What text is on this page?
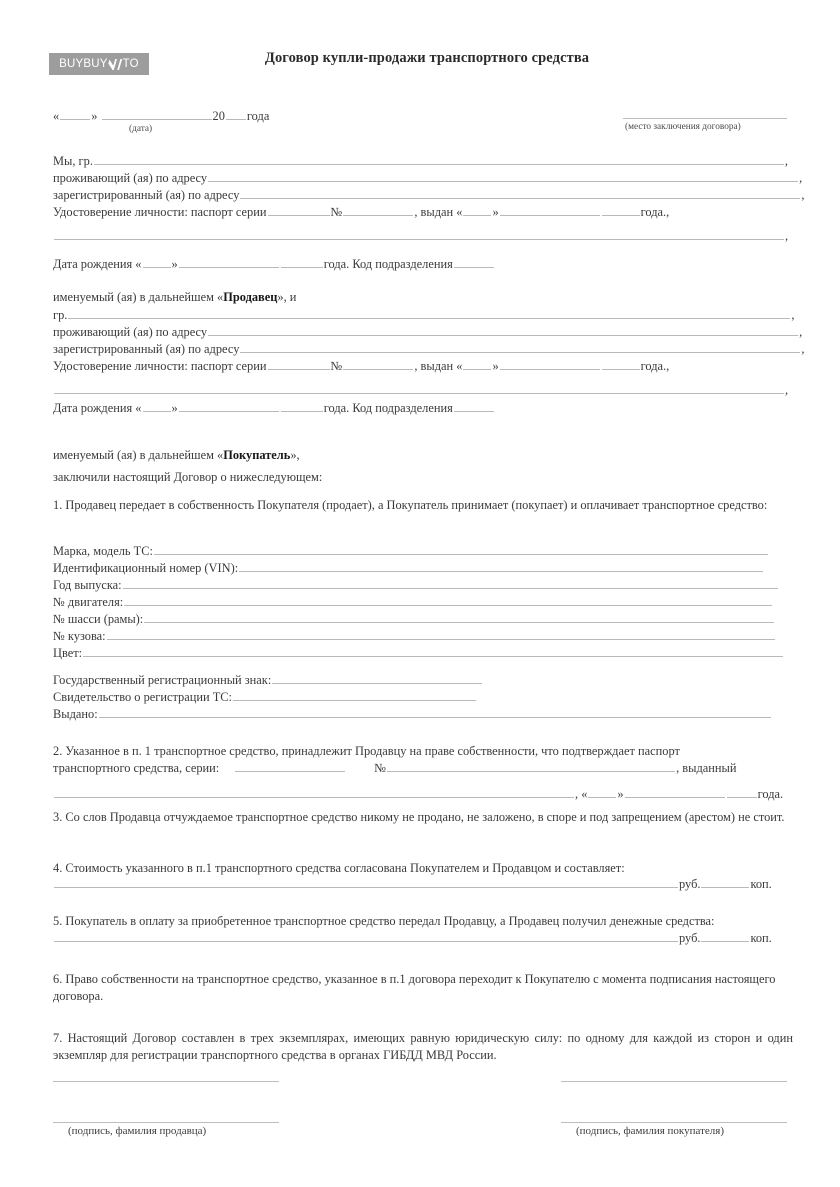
BUYBUY TO	Договор купли-продажи транспортного средства
«	»	20 года
(дата)	(место заключения договора)
Мы, гр.	,
проживающий (ая) по адресу	,
зарегистрированный (ая) по адресу	,
Удостоверение личности: паспорт серии	№	, выдан « »	года.,
,
Дата рождения « »	года. Код подразделения
именуемый (ая) в дальнейшем «Продавец», и
гр.	,
проживающий (ая) по адресу	,
зарегистрированный (ая) по адресу	,
Удостоверение личности: паспорт серии	№	, выдан « »	года.,
,
Дата рождения « »	года. Код подразделения
именуемый (ая) в дальнейшем «Покупатель»,
заключили настоящий Договор о нижеследующем:
1. Продавец передает в собственность Покупателя (продает), а Покупатель принимает (покупает) и оплачивает транспортное средство:
Марка, модель ТС:
Идентификационный номер (VIN):
Год выпуска:
№ двигателя:
№ шасси (рамы):
№ кузова:
Цвет:
Государственный регистрационный знак:
Свидетельство о регистрации ТС:
Выдано:
2. Указанное в п. 1 транспортное средство, принадлежит Продавцу на праве собственности, что подтверждает паспорт
транспортного средства, серии:	№	, выданный
, « »	года.
3. Со слов Продавца отчуждаемое транспортное средство никому не продано, не заложено, в споре и под запрещением (арестом) не стоит.
4. Стоимость указанного в п.1 транспортного средства согласована Покупателем и Продавцом и составляет:
руб.	коп.
5. Покупатель в оплату за приобретенное транспортное средство передал Продавцу, а Продавец получил денежные средства:
руб.	коп.
6. Право собственности на транспортное средство, указанное в п.1 договора переходит к Покупателю с момента подписания настоящего договора.
7. Настоящий Договор составлен в трех экземплярах, имеющих равную юридическую силу: по одному для каждой из сторон и один экземпляр для регистрации транспортного средства в органах ГИБДД МВД России.
(подпись, фамилия продавца)	(подпись, фамилия покупателя)
